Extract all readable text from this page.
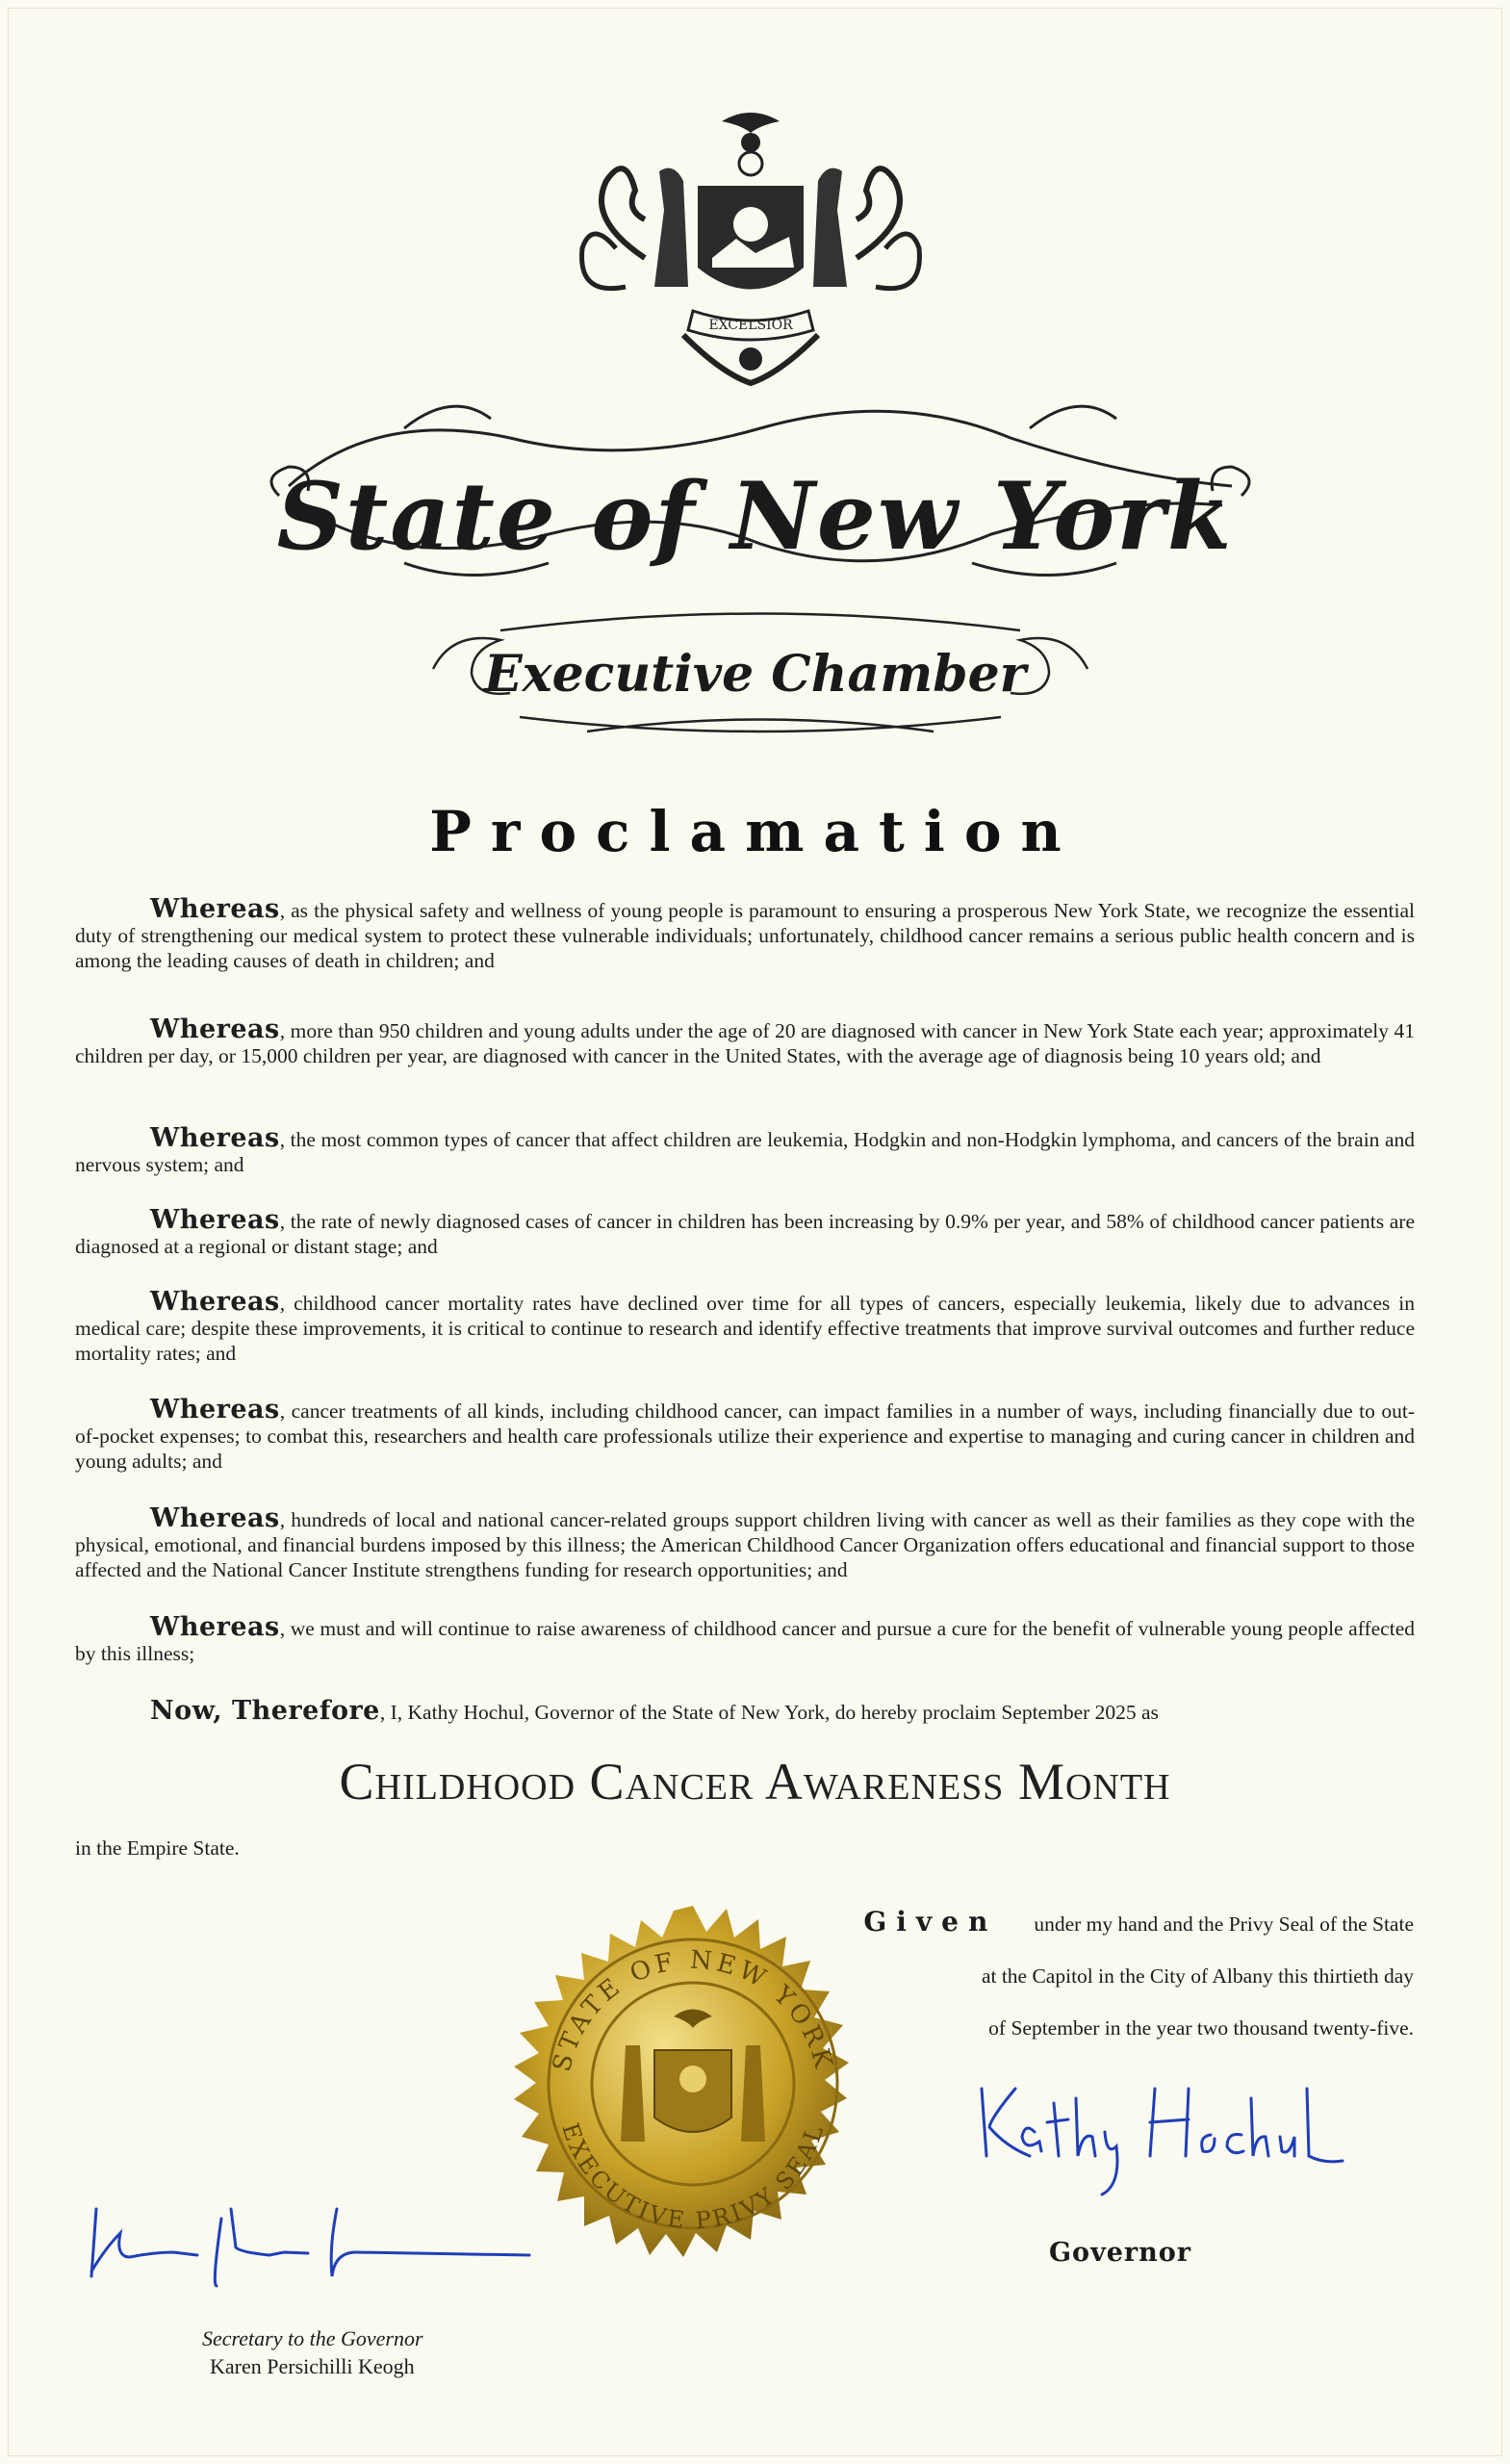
EXCELSIOR
State of New York
Executive Chamber
Proclamation

Whereas, as the physical safety and wellness of young people is paramount to ensuring a prosperous New York State, we recognize the essential duty of strengthening our medical system to protect these vulnerable individuals; unfortunately, childhood cancer remains a serious public health concern and is among the leading causes of death in children; and

Whereas, more than 950 children and young adults under the age of 20 are diagnosed with cancer in New York State each year; approximately 41 children per day, or 15,000 children per year, are diagnosed with cancer in the United States, with the average age of diagnosis being 10 years old; and

Whereas, the most common types of cancer that affect children are leukemia, Hodgkin and non-Hodgkin lymphoma, and cancers of the brain and nervous system; and

Whereas, the rate of newly diagnosed cases of cancer in children has been increasing by 0.9% per year, and 58% of childhood cancer patients are diagnosed at a regional or distant stage; and

Whereas, childhood cancer mortality rates have declined over time for all types of cancers, especially leukemia, likely due to advances in medical care; despite these improvements, it is critical to continue to research and identify effective treatments that improve survival outcomes and further reduce mortality rates; and

Whereas, cancer treatments of all kinds, including childhood cancer, can impact families in a number of ways, including financially due to out-of-pocket expenses; to combat this, researchers and health care professionals utilize their experience and expertise to managing and curing cancer in children and young adults; and

Whereas, hundreds of local and national cancer-related groups support children living with cancer as well as their families as they cope with the physical, emotional, and financial burdens imposed by this illness; the American Childhood Cancer Organization offers educational and financial support to those affected and the National Cancer Institute strengthens funding for research opportunities; and

Whereas, we must and will continue to raise awareness of childhood cancer and pursue a cure for the benefit of vulnerable young people affected by this illness;

Now, Therefore, I, Kathy Hochul, Governor of the State of New York, do hereby proclaim September 2025 as

Childhood Cancer Awareness Month
in the Empire State.
Given under my hand and the Privy Seal of the State
at the Capitol in the City of Albany this thirtieth day
of September in the year two thousand twenty-five.
STATE OF NEW YORK
EXECUTIVE PRIVY SEAL
Governor
Secretary to the Governor
Karen Persichilli Keogh
